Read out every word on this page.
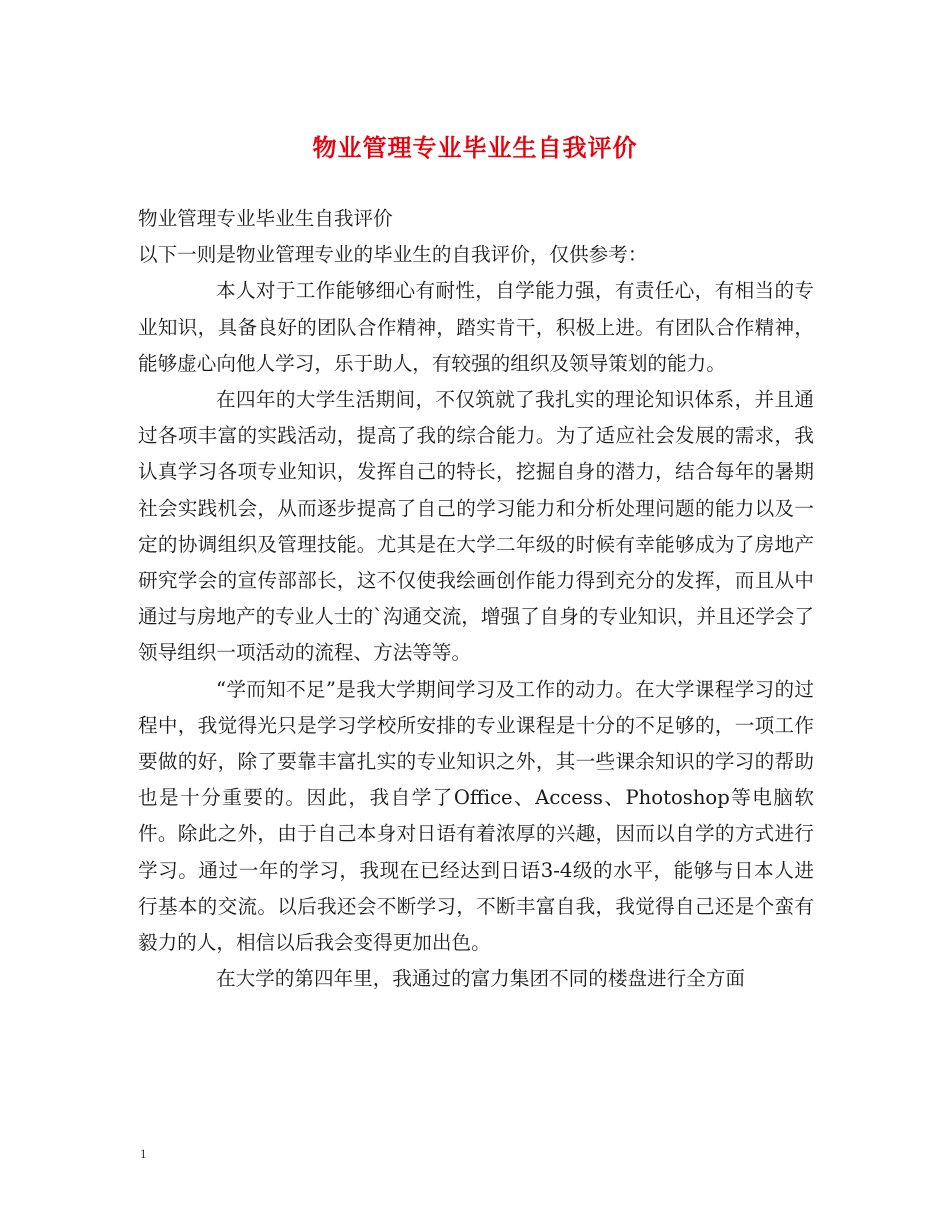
物业管理专业毕业生自我评价

物业管理专业毕业生自我评价

以下一则是物业管理专业的毕业生的自我评价，仅供参考：

本人对于工作能够细心有耐性，自学能力强，有责任心，有相当的专业知识，具备良好的团队合作精神，踏实肯干，积极上进。有团队合作精神，能够虚心向他人学习，乐于助人，有较强的组织及领导策划的能力。

在四年的大学生活期间，不仅筑就了我扎实的理论知识体系，并且通过各项丰富的实践活动，提高了我的综合能力。为了适应社会发展的需求，我认真学习各项专业知识，发挥自己的特长，挖掘自身的潜力，结合每年的暑期社会实践机会，从而逐步提高了自己的学习能力和分析处理问题的能力以及一定的协调组织及管理技能。尤其是在大学二年级的时候有幸能够成为了房地产研究学会的宣传部部长，这不仅使我绘画创作能力得到充分的发挥，而且从中通过与房地产的专业人士的`沟通交流，增强了自身的专业知识，并且还学会了领导组织一项活动的流程、方法等等。

“学而知不足”是我大学期间学习及工作的动力。在大学课程学习的过程中，我觉得光只是学习学校所安排的专业课程是十分的不足够的，一项工作要做的好，除了要靠丰富扎实的专业知识之外，其一些课余知识的学习的帮助也是十分重要的。因此，我自学了Office、Access、Photoshop等电脑软件。除此之外，由于自己本身对日语有着浓厚的兴趣，因而以自学的方式进行学习。通过一年的学习，我现在已经达到日语3-4级的水平，能够与日本人进行基本的交流。以后我还会不断学习，不断丰富自我，我觉得自己还是个蛮有毅力的人，相信以后我会变得更加出色。

在大学的第四年里，我通过的富力集团不同的楼盘进行全方面

1
